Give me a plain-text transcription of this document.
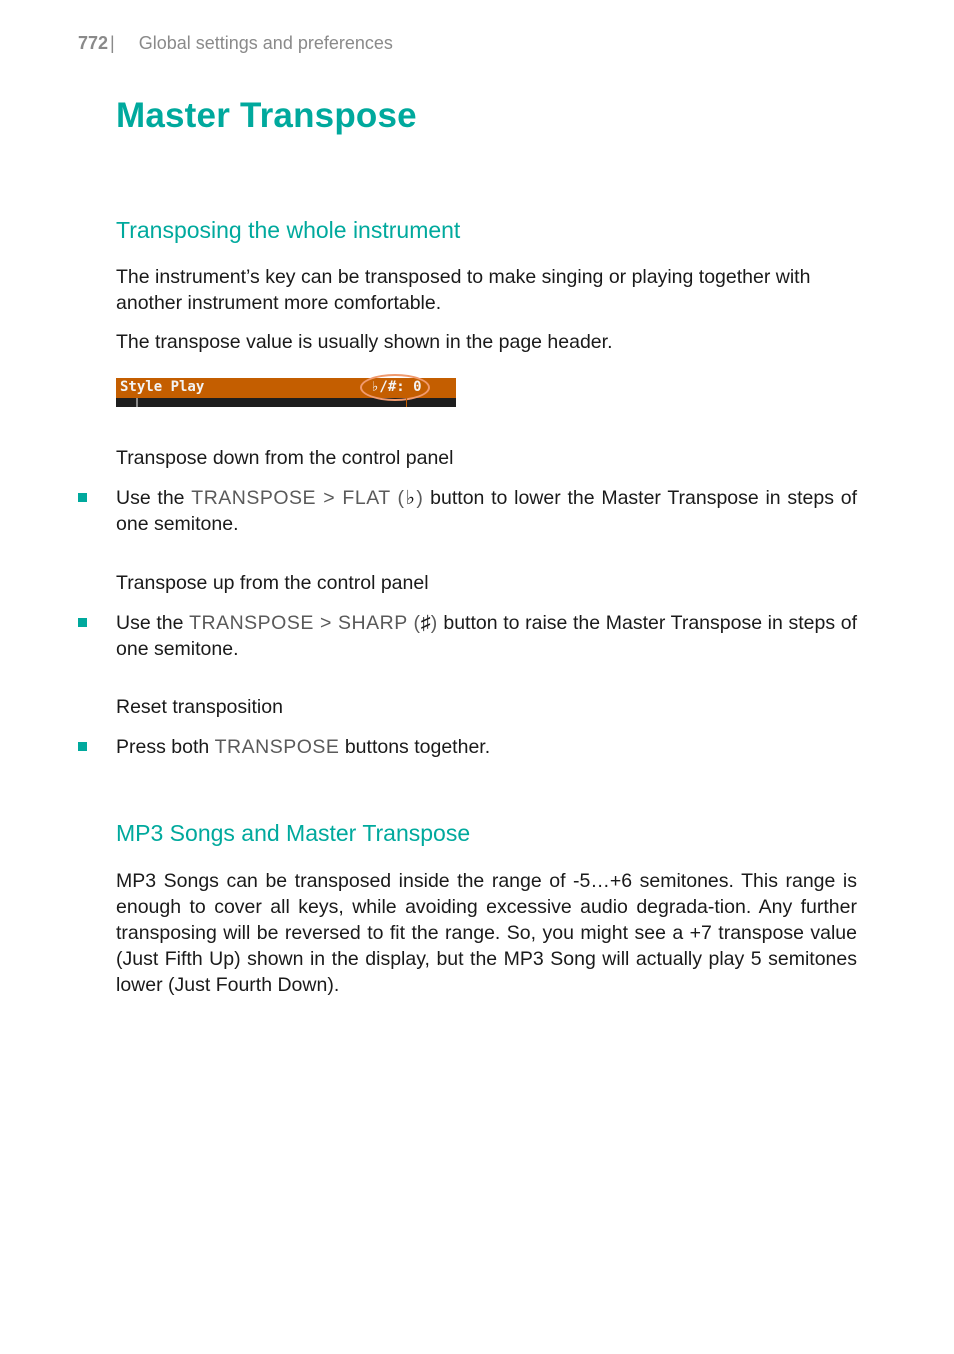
772 | Global settings and preferences
Master Transpose
Transposing the whole instrument

The instrument’s key can be transposed to make singing or playing together with another instrument more comfortable.

The transpose value is usually shown in the page header.

Style Play	♭/#: 0

Transpose down from the control panel

Use the TRANSPOSE > FLAT (♭) button to lower the Master Transpose in steps of one semitone.

Transpose up from the control panel

Use the TRANSPOSE > SHARP (♯) button to raise the Master Transpose in steps of one semitone.

Reset transposition

Press both TRANSPOSE buttons together.
MP3 Songs and Master Transpose

MP3 Songs can be transposed inside the range of -5…+6 semitones. This range is enough to cover all keys, while avoiding excessive audio degrada-tion. Any further transposing will be reversed to fit the range. So, you might see a +7 transpose value (Just Fifth Up) shown in the display, but the MP3 Song will actually play 5 semitones lower (Just Fourth Down).
